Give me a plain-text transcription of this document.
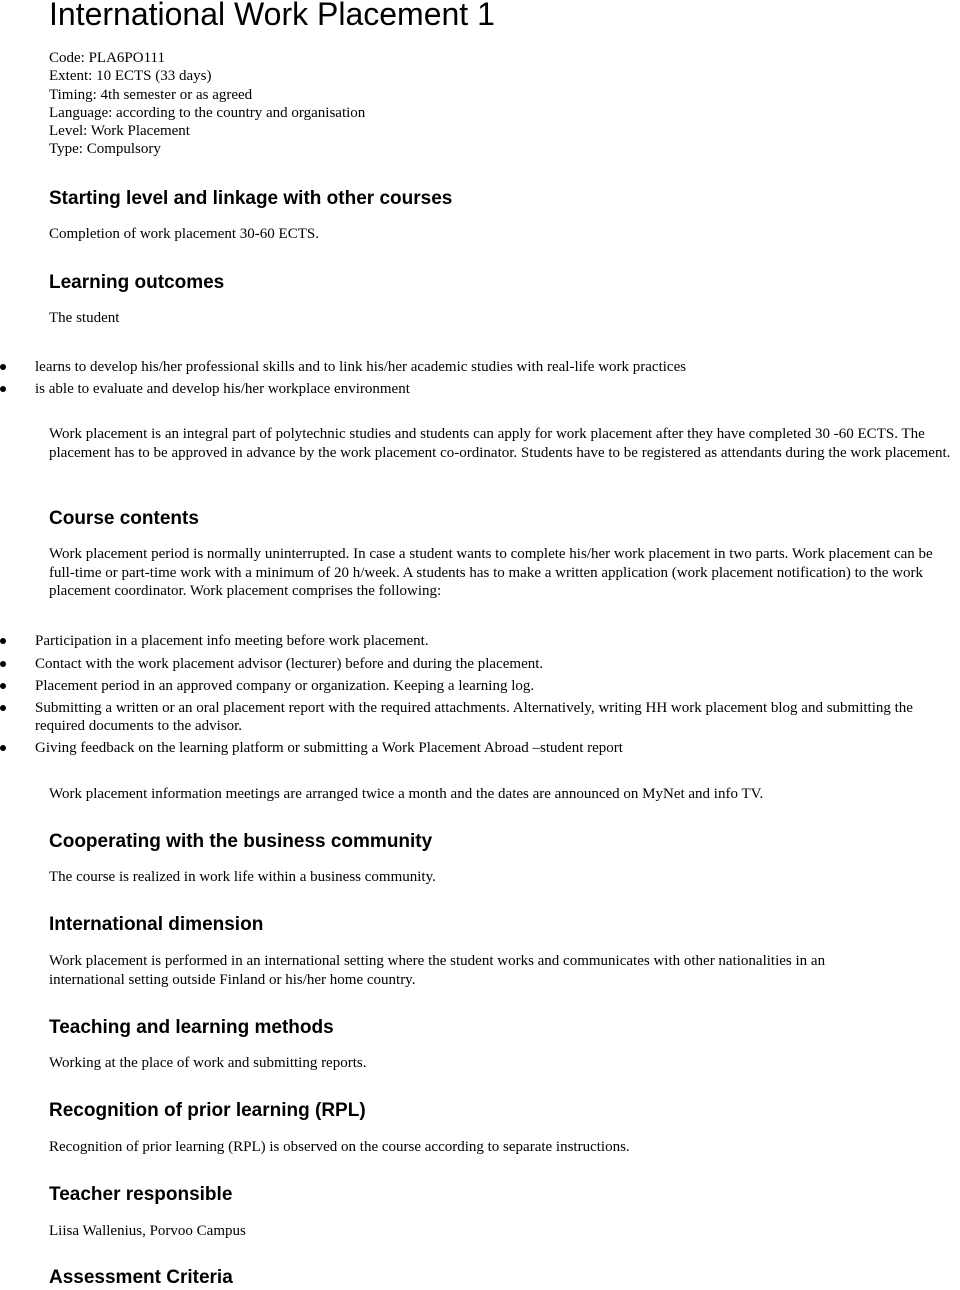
International Work Placement 1
Code: PLA6PO111
Extent: 10 ECTS (33 days)
Timing: 4th semester or as agreed
Language: according to the country and organisation
Level: Work Placement
Type: Compulsory
Starting level and linkage with other courses

Completion of work placement 30-60 ECTS.

Learning outcomes

The student

learns to develop his/her professional skills and to link his/her academic studies with real-life work practices
is able to evaluate and develop his/her workplace environment

Work placement is an integral part of polytechnic studies and students can apply for work placement after they have completed 30 -60 ECTS. The placement has to be approved in advance by the work placement co-ordinator. Students have to be registered as attendants during the work placement.

Course contents

Work placement period is normally uninterrupted. In case a student wants to complete his/her work placement in two parts. Work placement can be full-time or part-time work with a minimum of 20 h/week. A students has to make a written application (work placement notification) to the work placement coordinator. Work placement comprises the following:

Participation in a placement info meeting before work placement.
Contact with the work placement advisor (lecturer) before and during the placement.
Placement period in an approved company or organization. Keeping a learning log.
Submitting a written or an oral placement report with the required attachments. Alternatively, writing HH work placement blog and submitting the required documents to the advisor.
Giving feedback on the learning platform or submitting a Work Placement Abroad –student report

Work placement information meetings are arranged twice a month and the dates are announced on MyNet and info TV.

Cooperating with the business community

The course is realized in work life within a business community.

International dimension

Work placement is performed in an international setting where the student works and communicates with other nationalities in an international setting outside Finland or his/her home country.

Teaching and learning methods

Working at the place of work and submitting reports.

Recognition of prior learning (RPL)

Recognition of prior learning (RPL) is observed on the course according to separate instructions.

Teacher responsible

Liisa Wallenius, Porvoo Campus

Assessment Criteria
